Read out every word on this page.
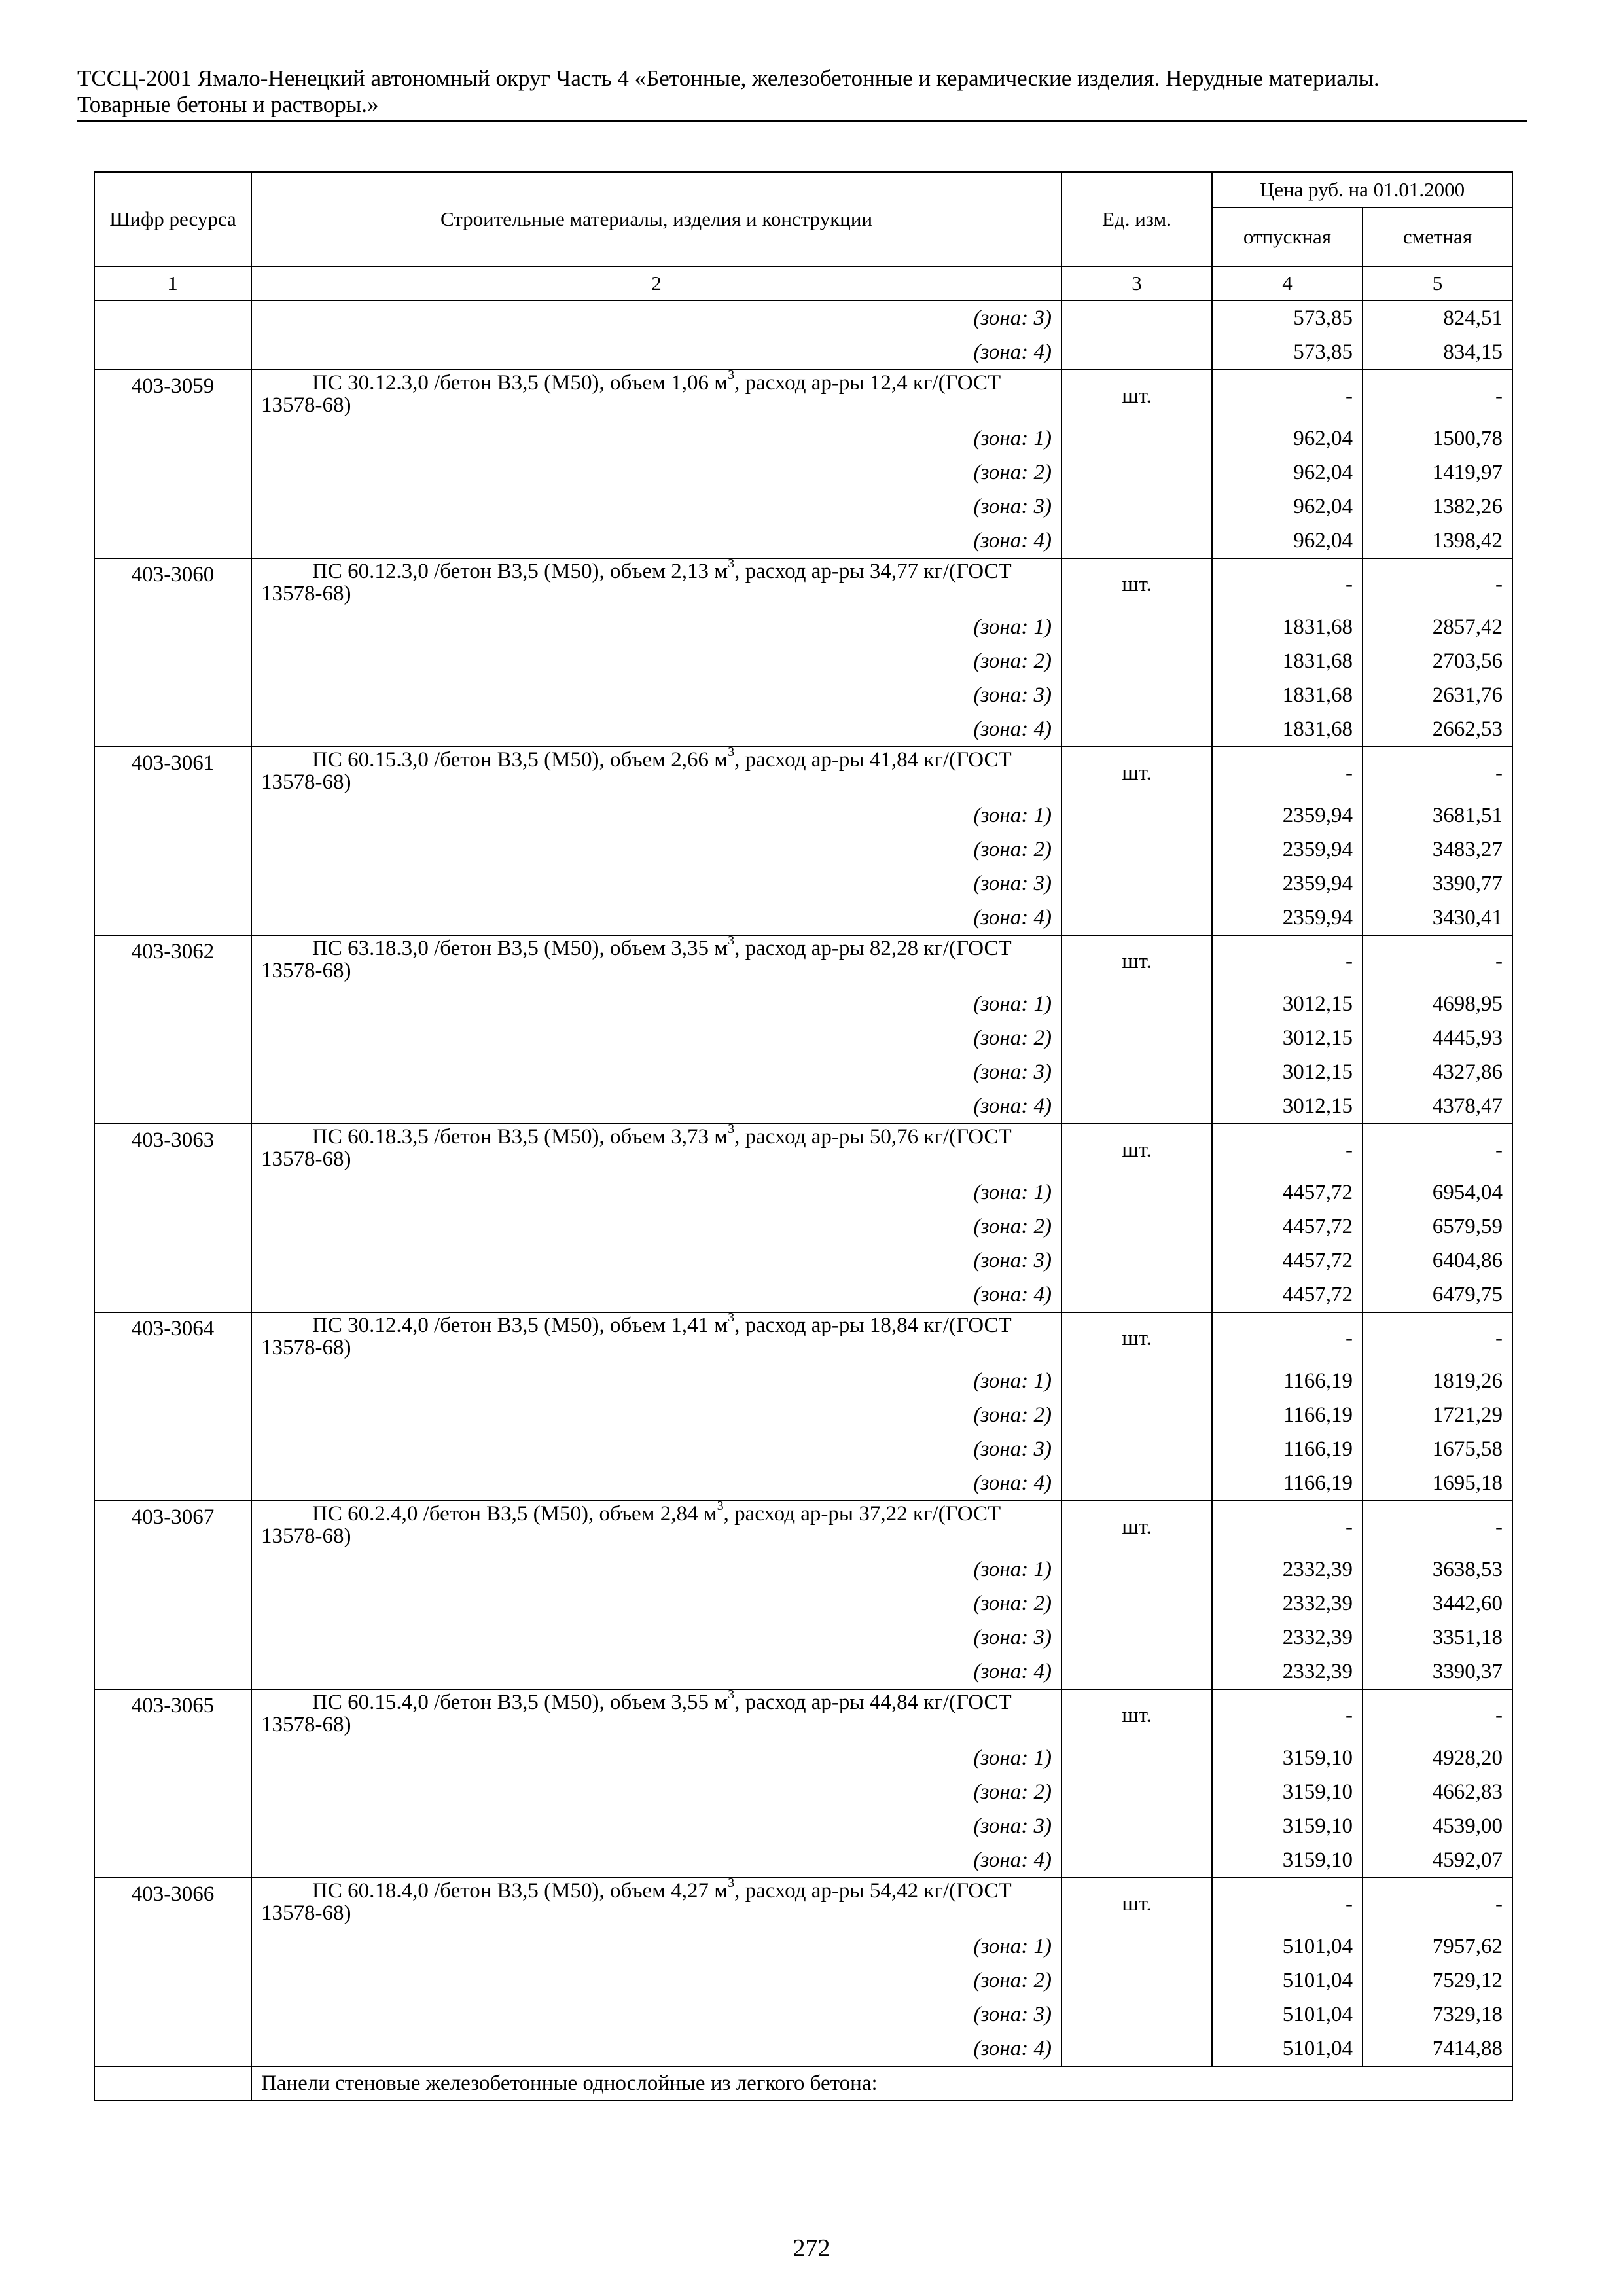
ТССЦ-2001 Ямало-Ненецкий автономный округ Часть 4 «Бетонные, железобетонные и керамические изделия. Нерудные материалы.
Товарные бетоны и растворы.»
Шифр ресурса	Строительные материалы, изделия и конструкции	Ед. изм.	Цена руб. на 01.01.2000	
			отпускная	сметная
1	2	3	4	5
	(зона: 3)		573,85	824,51
	(зона: 4)		573,85	834,15
403-3059	ПС 30.12.3,0 /бетон В3,5 (М50), объем 1,06 $м^3$, расход ар-ры 12,4 кг/(ГОСТ 13578-68)	шт.	-	-
	(зона: 1)		962,04	1500,78
	(зона: 2)		962,04	1419,97
	(зона: 3)		962,04	1382,26
	(зона: 4)		962,04	1398,42
403-3060	ПС 60.12.3,0 /бетон В3,5 (М50), объем 2,13 $м^3$, расход ар-ры 34,77 кг/(ГОСТ 13578-68)	шт.	-	-
	(зона: 1)		1831,68	2857,42
	(зона: 2)		1831,68	2703,56
	(зона: 3)		1831,68	2631,76
	(зона: 4)		1831,68	2662,53
403-3061	ПС 60.15.3,0 /бетон В3,5 (М50), объем 2,66 $м^3$, расход ар-ры 41,84 кг/(ГОСТ 13578-68)	шт.	-	-
	(зона: 1)		2359,94	3681,51
	(зона: 2)		2359,94	3483,27
	(зона: 3)		2359,94	3390,77
	(зона: 4)		2359,94	3430,41
403-3062	ПС 63.18.3,0 /бетон В3,5 (М50), объем 3,35 $м^3$, расход ар-ры 82,28 кг/(ГОСТ 13578-68)	шт.	-	-
	(зона: 1)		3012,15	4698,95
	(зона: 2)		3012,15	4445,93
	(зона: 3)		3012,15	4327,86
	(зона: 4)		3012,15	4378,47
403-3063	ПС 60.18.3,5 /бетон В3,5 (М50), объем 3,73 $м^3$, расход ар-ры 50,76 кг/(ГОСТ 13578-68)	шт.	-	-
	(зона: 1)		4457,72	6954,04
	(зона: 2)		4457,72	6579,59
	(зона: 3)		4457,72	6404,86
	(зона: 4)		4457,72	6479,75
403-3064	ПС 30.12.4,0 /бетон В3,5 (М50), объем 1,41 $м^3$, расход ар-ры 18,84 кг/(ГОСТ 13578-68)	шт.	-	-
	(зона: 1)		1166,19	1819,26
	(зона: 2)		1166,19	1721,29
	(зона: 3)		1166,19	1675,58
	(зона: 4)		1166,19	1695,18
403-3067	ПС 60.2.4,0 /бетон В3,5 (М50), объем 2,84 $м^3$, расход ар-ры 37,22 кг/(ГОСТ 13578-68)	шт.	-	-
	(зона: 1)		2332,39	3638,53
	(зона: 2)		2332,39	3442,60
	(зона: 3)		2332,39	3351,18
	(зона: 4)		2332,39	3390,37
403-3065	ПС 60.15.4,0 /бетон В3,5 (М50), объем 3,55 $м^3$, расход ар-ры 44,84 кг/(ГОСТ 13578-68)	шт.	-	-
	(зона: 1)		3159,10	4928,20
	(зона: 2)		3159,10	4662,83
	(зона: 3)		3159,10	4539,00
	(зона: 4)		3159,10	4592,07
403-3066	ПС 60.18.4,0 /бетон В3,5 (М50), объем 4,27 $м^3$, расход ар-ры 54,42 кг/(ГОСТ 13578-68)	шт.	-	-
	(зона: 1)		5101,04	7957,62
	(зона: 2)		5101,04	7529,12
	(зона: 3)		5101,04	7329,18
	(зона: 4)		5101,04	7414,88
	Панели стеновые железобетонные однослойные из легкого бетона:			
272
